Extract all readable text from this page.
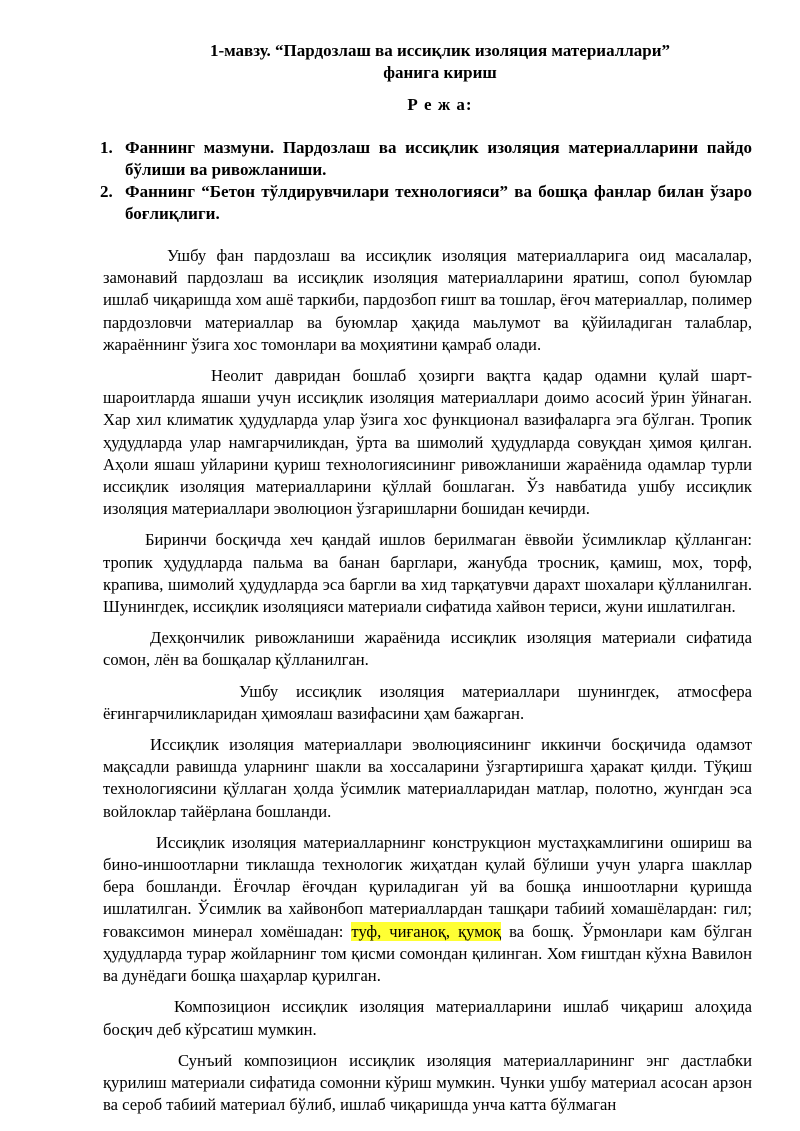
1-мавзу. “Пардозлаш ва иссиқлик изоляция материаллари”
фанига кириш
Р е ж а:
1. Фаннинг мазмуни. Пардозлаш ва иссиқлик изоляция материалларини пайдо бўлиши ва ривожланиши.
2. Фаннинг “Бетон тўлдирувчилари технологияси” ва бошқа фанлар билан ўзаро боғлиқлиги.

Ушбу фан пардозлаш ва иссиқлик изоляция материалларига оид масалалар, замонавий пардозлаш ва иссиқлик изоляция материалларини яратиш, сопол буюмлар ишлаб чиқаришда хом ашё таркиби, пардозбоп ғишт ва тошлар, ёғоч материаллар, полимер пардозловчи материаллар ва буюмлар ҳақида маьлумот ва қўйиладиган талаблар, жараённинг ўзига хос томонлари ва моҳиятини қамраб олади.

Неолит давридан бошлаб ҳозирги вақтга қадар одамни қулай шарт-шароитларда яшаши учун иссиқлик изоляция материаллари доимо асосий ўрин ўйнаган. Хар хил климатик ҳудудларда улар ўзига хос функционал вазифаларга эга бўлган. Тропик ҳудудларда улар намгарчиликдан, ўрта ва шимолий ҳудудларда совуқдан ҳимоя қилган. Аҳоли яшаш уйларини қуриш технологиясининг ривожланиши жараёнида одамлар турли иссиқлик изоляция материалларини қўллай бошлаган. Ўз навбатида ушбу иссиқлик изоляция материаллари эволюцион ўзгаришларни бошидан кечирди.

Биринчи босқичда хеч қандай ишлов берилмаган ёввойи ўсимликлар қўлланган: тропик ҳудудларда пальма ва банан барглари, жанубда тросник, қамиш, мох, торф, крапива, шимолий ҳудудларда эса баргли ва хид тарқатувчи дарахт шохалари қўлланилган. Шунингдек, иссиқлик изоляцияси материали сифатида хайвон териси, жуни ишлатилган.

Дехқончилик ривожланиши жараёнида иссиқлик изоляция материали сифатида сомон, лён ва бошқалар қўлланилган.

Ушбу иссиқлик изоляция материаллари шунингдек, атмосфера ёғингарчиликларидан ҳимоялаш вазифасини ҳам бажарган.

Иссиқлик изоляция материаллари эволюциясининг иккинчи босқичида одамзот мақсадли равишда уларнинг шакли ва хоссаларини ўзгартиришга ҳаракат қилди. Тўқиш технологиясини қўллаган ҳолда ўсимлик материалларидан матлар, полотно, жунгдан эса войлоклар тайёрлана бошланди.

Иссиқлик изоляция материалларнинг конструкцион мустаҳкамлигини ошириш ва бино-иншоотларни тиклашда технологик жиҳатдан қулай бўлиши учун уларга шакллар бера бошланди. Ёғочлар ёғочдан қуриладиган уй ва бошқа иншоотларни қуришда ишлатилган. Ўсимлик ва хайвонбоп материаллардан ташқари табиий хомашёлардан: гил; ғоваксимон минерал хомёшадан: туф, чиғаноқ, қумоқ ва бошқ. Ўрмонлари кам бўлган ҳудудларда турар жойларнинг том қисми сомондан қилинган. Хом ғиштдан кўхна Вавилон ва дунёдаги бошқа шаҳарлар қурилган.

Композицион иссиқлик изоляция материалларини ишлаб чиқариш алоҳида босқич деб кўрсатиш мумкин.

Сунъий композицион иссиқлик изоляция материалларининг энг дастлабки қурилиш материали сифатида сомонни кўриш мумкин. Чунки ушбу материал асосан арзон ва сероб табиий материал бўлиб, ишлаб чиқаришда унча катта бўлмаган
